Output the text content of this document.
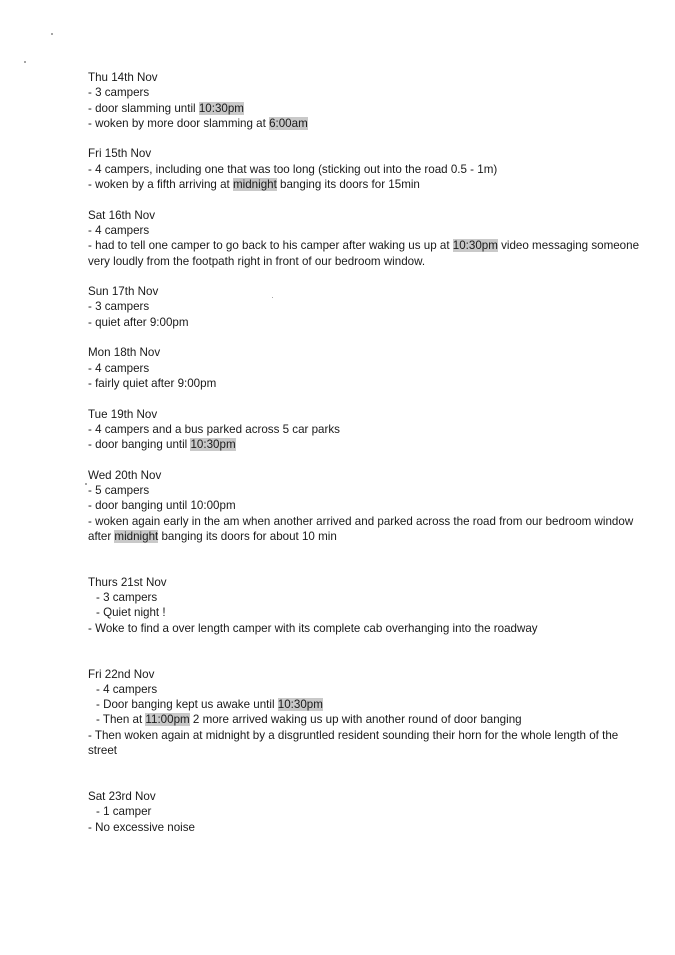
Thu 14th Nov
- 3 campers
- door slamming until 10:30pm
- woken by more door slamming at 6:00am
Fri 15th Nov
- 4 campers, including one that was too long (sticking out into the road 0.5 - 1m)
- woken by a fifth arriving at midnight banging its doors for 15min
Sat 16th Nov
- 4 campers
- had to tell one camper to go back to his camper after waking us up at 10:30pm video messaging someone very loudly from the footpath right in front of our bedroom window.
Sun 17th Nov
- 3 campers
- quiet after 9:00pm
Mon 18th Nov
- 4 campers
- fairly quiet after 9:00pm
Tue 19th Nov
- 4 campers and a bus parked across 5 car parks
- door banging until 10:30pm
Wed 20th Nov
- 5 campers
- door banging until 10:00pm
- woken again early in the am when another arrived and parked across the road from our bedroom window after midnight banging its doors for about 10 min
Thurs 21st Nov
- 3 campers
- Quiet night !
- Woke to find a over length camper with its complete cab overhanging into the roadway
Fri 22nd Nov
- 4 campers
- Door banging kept us awake until 10:30pm
- Then at 11:00pm 2 more arrived waking us up with another round of door banging
- Then woken again at midnight by a disgruntled resident sounding their horn for the whole length of the street
Sat 23rd Nov
- 1 camper
- No excessive noise
